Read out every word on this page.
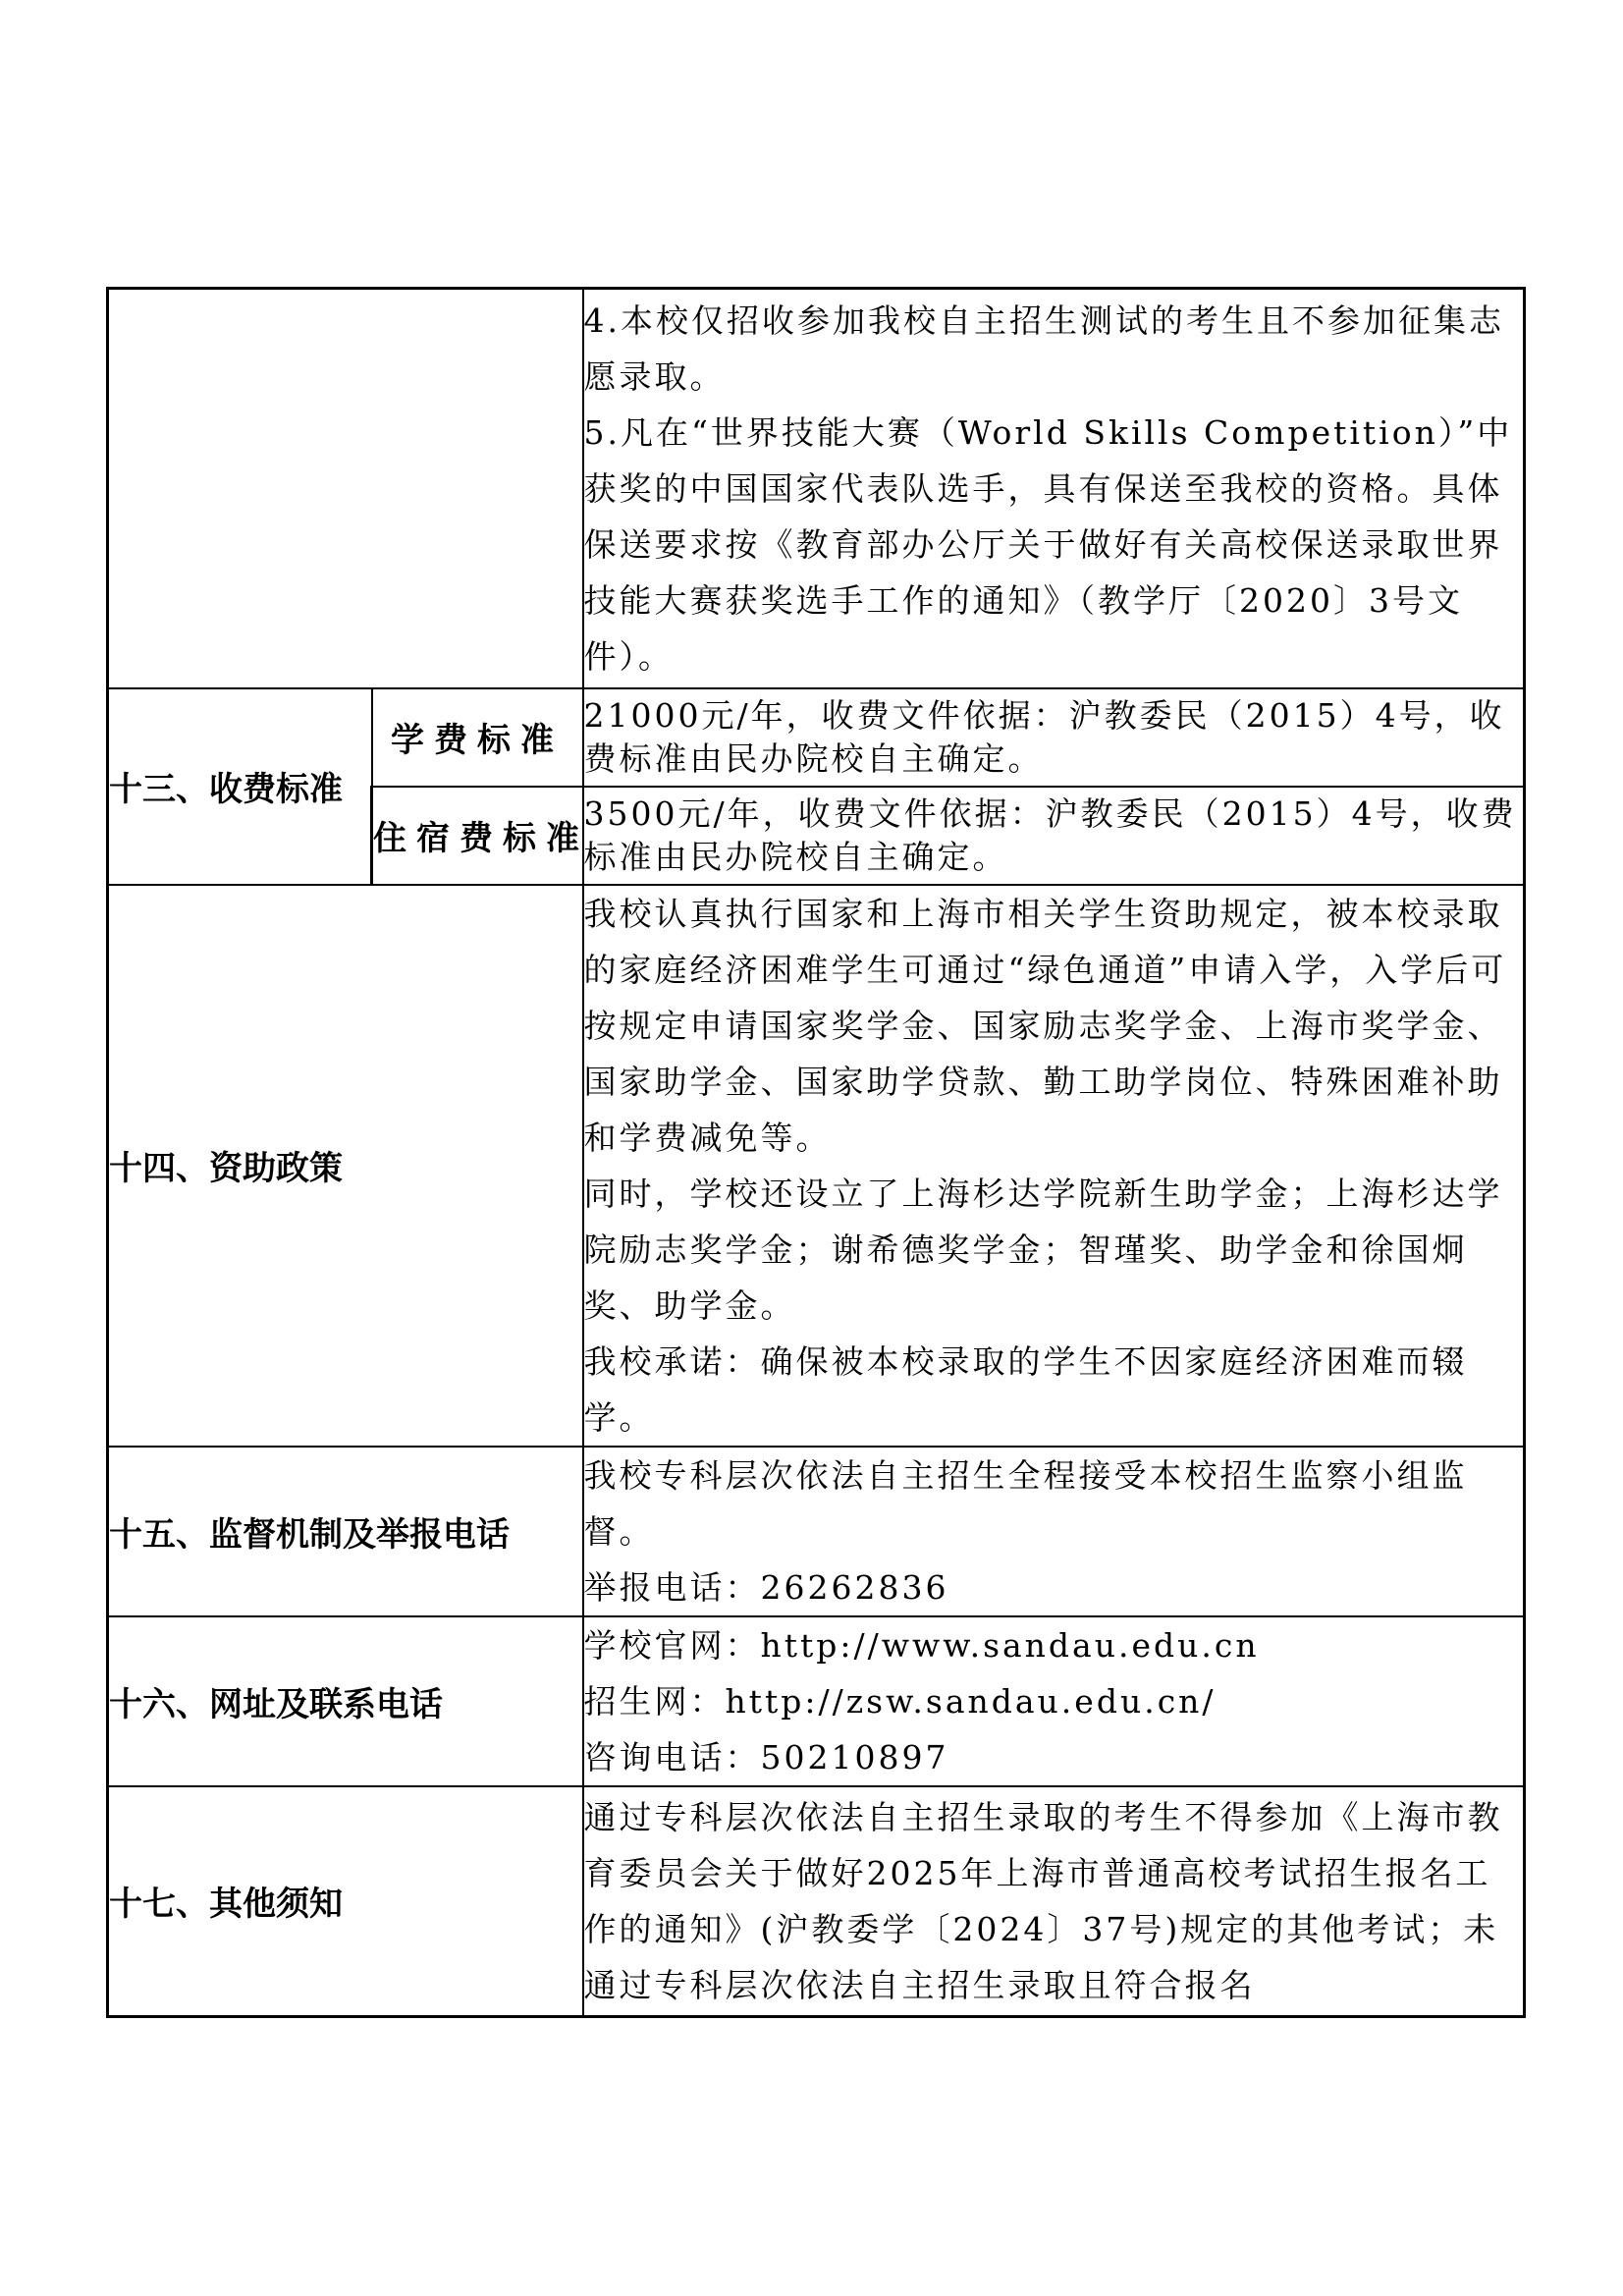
		4.本校仅招收参加我校自主招生测试的考生且不参加征集志愿录取。

5.凡在“世界技能大赛（World Skills Competition）”中获奖的中国国家代表队选手，具有保送至我校的资格。具体保送要求按《教育部办公厅关于做好有关高校保送录取世界技能大赛获奖选手工作的通知》（教学厅〔2020〕3号文件）。

十三、收费标准	学费标准	21000元/年，收费文件依据：沪教委民（2015）4号，收费标准由民办院校自主确定。

	住宿费标准	3500元/年，收费文件依据：沪教委民（2015）4号，收费标准由民办院校自主确定。

十四、资助政策		我校认真执行国家和上海市相关学生资助规定，被本校录取的家庭经济困难学生可通过“绿色通道”申请入学，入学后可按规定申请国家奖学金、国家励志奖学金、上海市奖学金、国家助学金、国家助学贷款、勤工助学岗位、特殊困难补助和学费减免等。

同时，学校还设立了上海杉达学院新生助学金；上海杉达学院励志奖学金；谢希德奖学金；智瑾奖、助学金和徐国炯奖、助学金。

我校承诺：确保被本校录取的学生不因家庭经济困难而辍学。

十五、监督机制及举报电话		我校专科层次依法自主招生全程接受本校招生监察小组监督。

举报电话：26262836

十六、网址及联系电话		学校官网：http://www.sandau.edu.cn

招生网：http://zsw.sandau.edu.cn/

咨询电话：50210897

十七、其他须知		通过专科层次依法自主招生录取的考生不得参加《上海市教育委员会关于做好2025年上海市普通高校考试招生报名工作的通知》(沪教委学〔2024〕37号)规定的其他考试；未通过专科层次依法自主招生录取且符合报名
